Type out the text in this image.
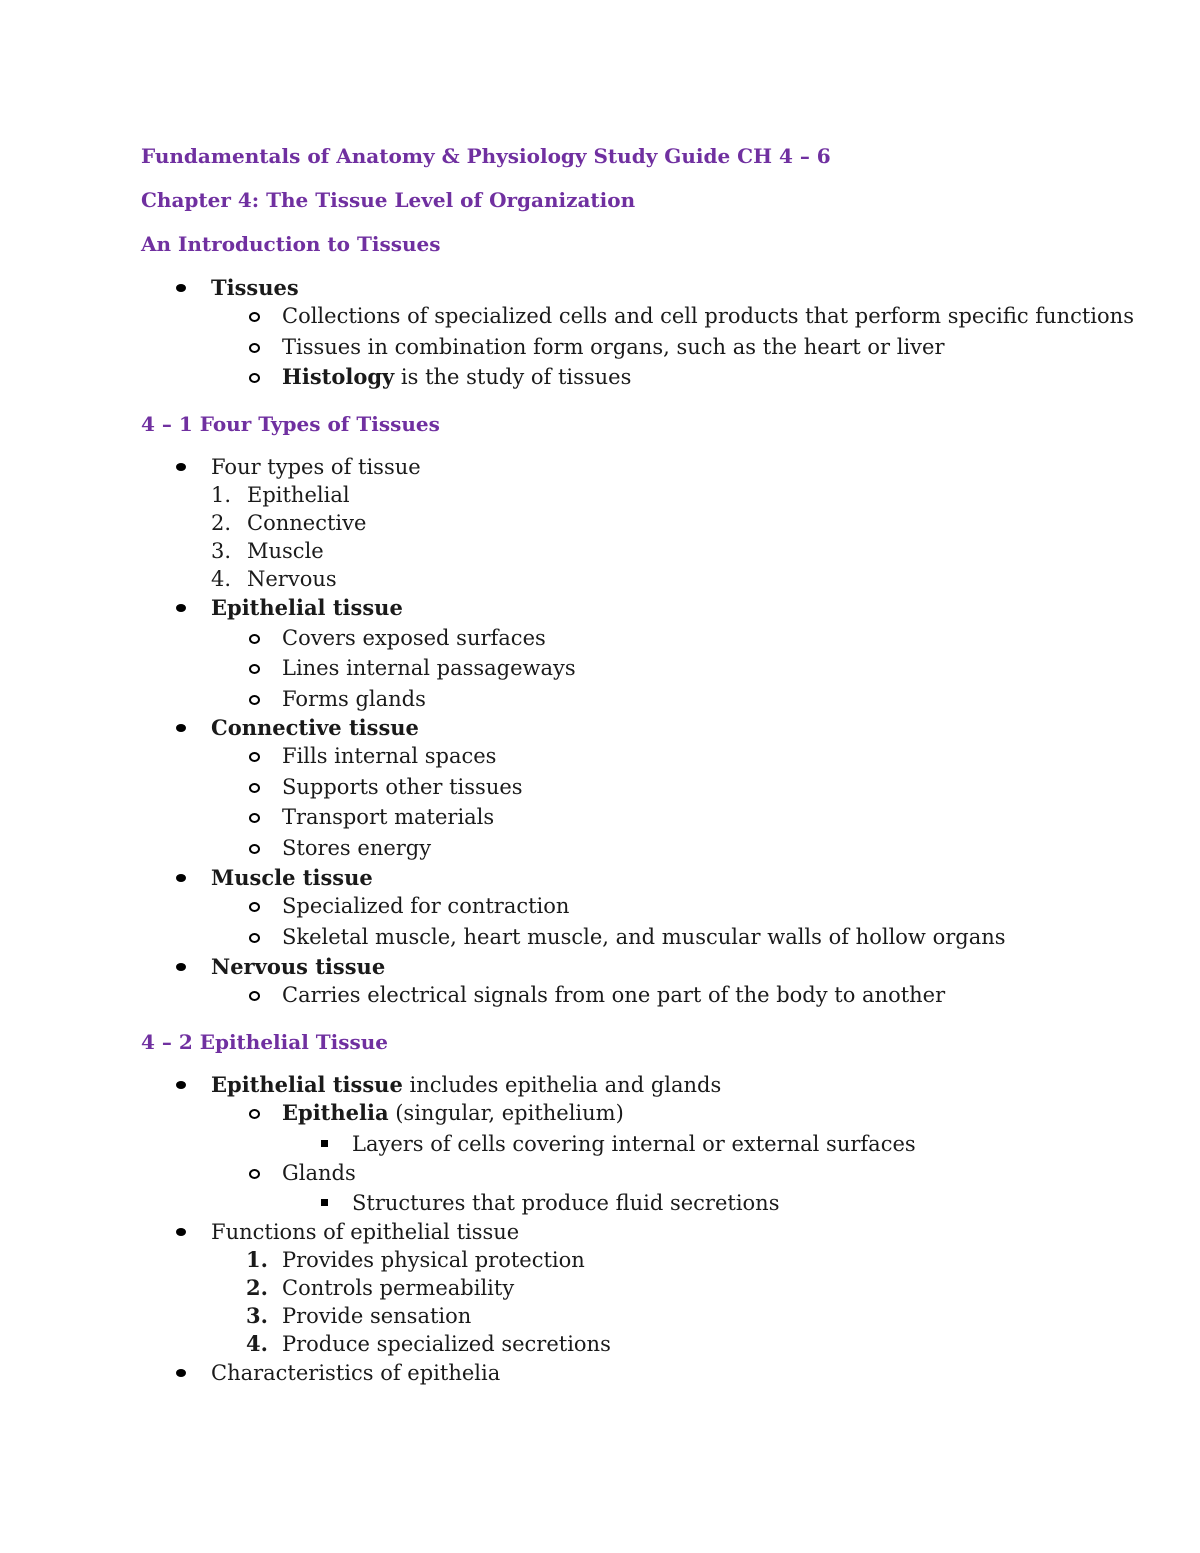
Fundamentals of Anatomy & Physiology Study Guide CH 4 – 6
Chapter 4: The Tissue Level of Organization
An Introduction to Tissues
Tissues
Collections of specialized cells and cell products that perform specific functions
Tissues in combination form organs, such as the heart or liver
Histology is the study of tissues
4 – 1 Four Types of Tissues
Four types of tissue
1. Epithelial
2. Connective
3. Muscle
4. Nervous
Epithelial tissue
Covers exposed surfaces
Lines internal passageways
Forms glands
Connective tissue
Fills internal spaces
Supports other tissues
Transport materials
Stores energy
Muscle tissue
Specialized for contraction
Skeletal muscle, heart muscle, and muscular walls of hollow organs
Nervous tissue
Carries electrical signals from one part of the body to another
4 – 2 Epithelial Tissue
Epithelial tissue includes epithelia and glands
Epithelia (singular, epithelium)
Layers of cells covering internal or external surfaces
Glands
Structures that produce fluid secretions
Functions of epithelial tissue
1. Provides physical protection
2. Controls permeability
3. Provide sensation
4. Produce specialized secretions
Characteristics of epithelia
